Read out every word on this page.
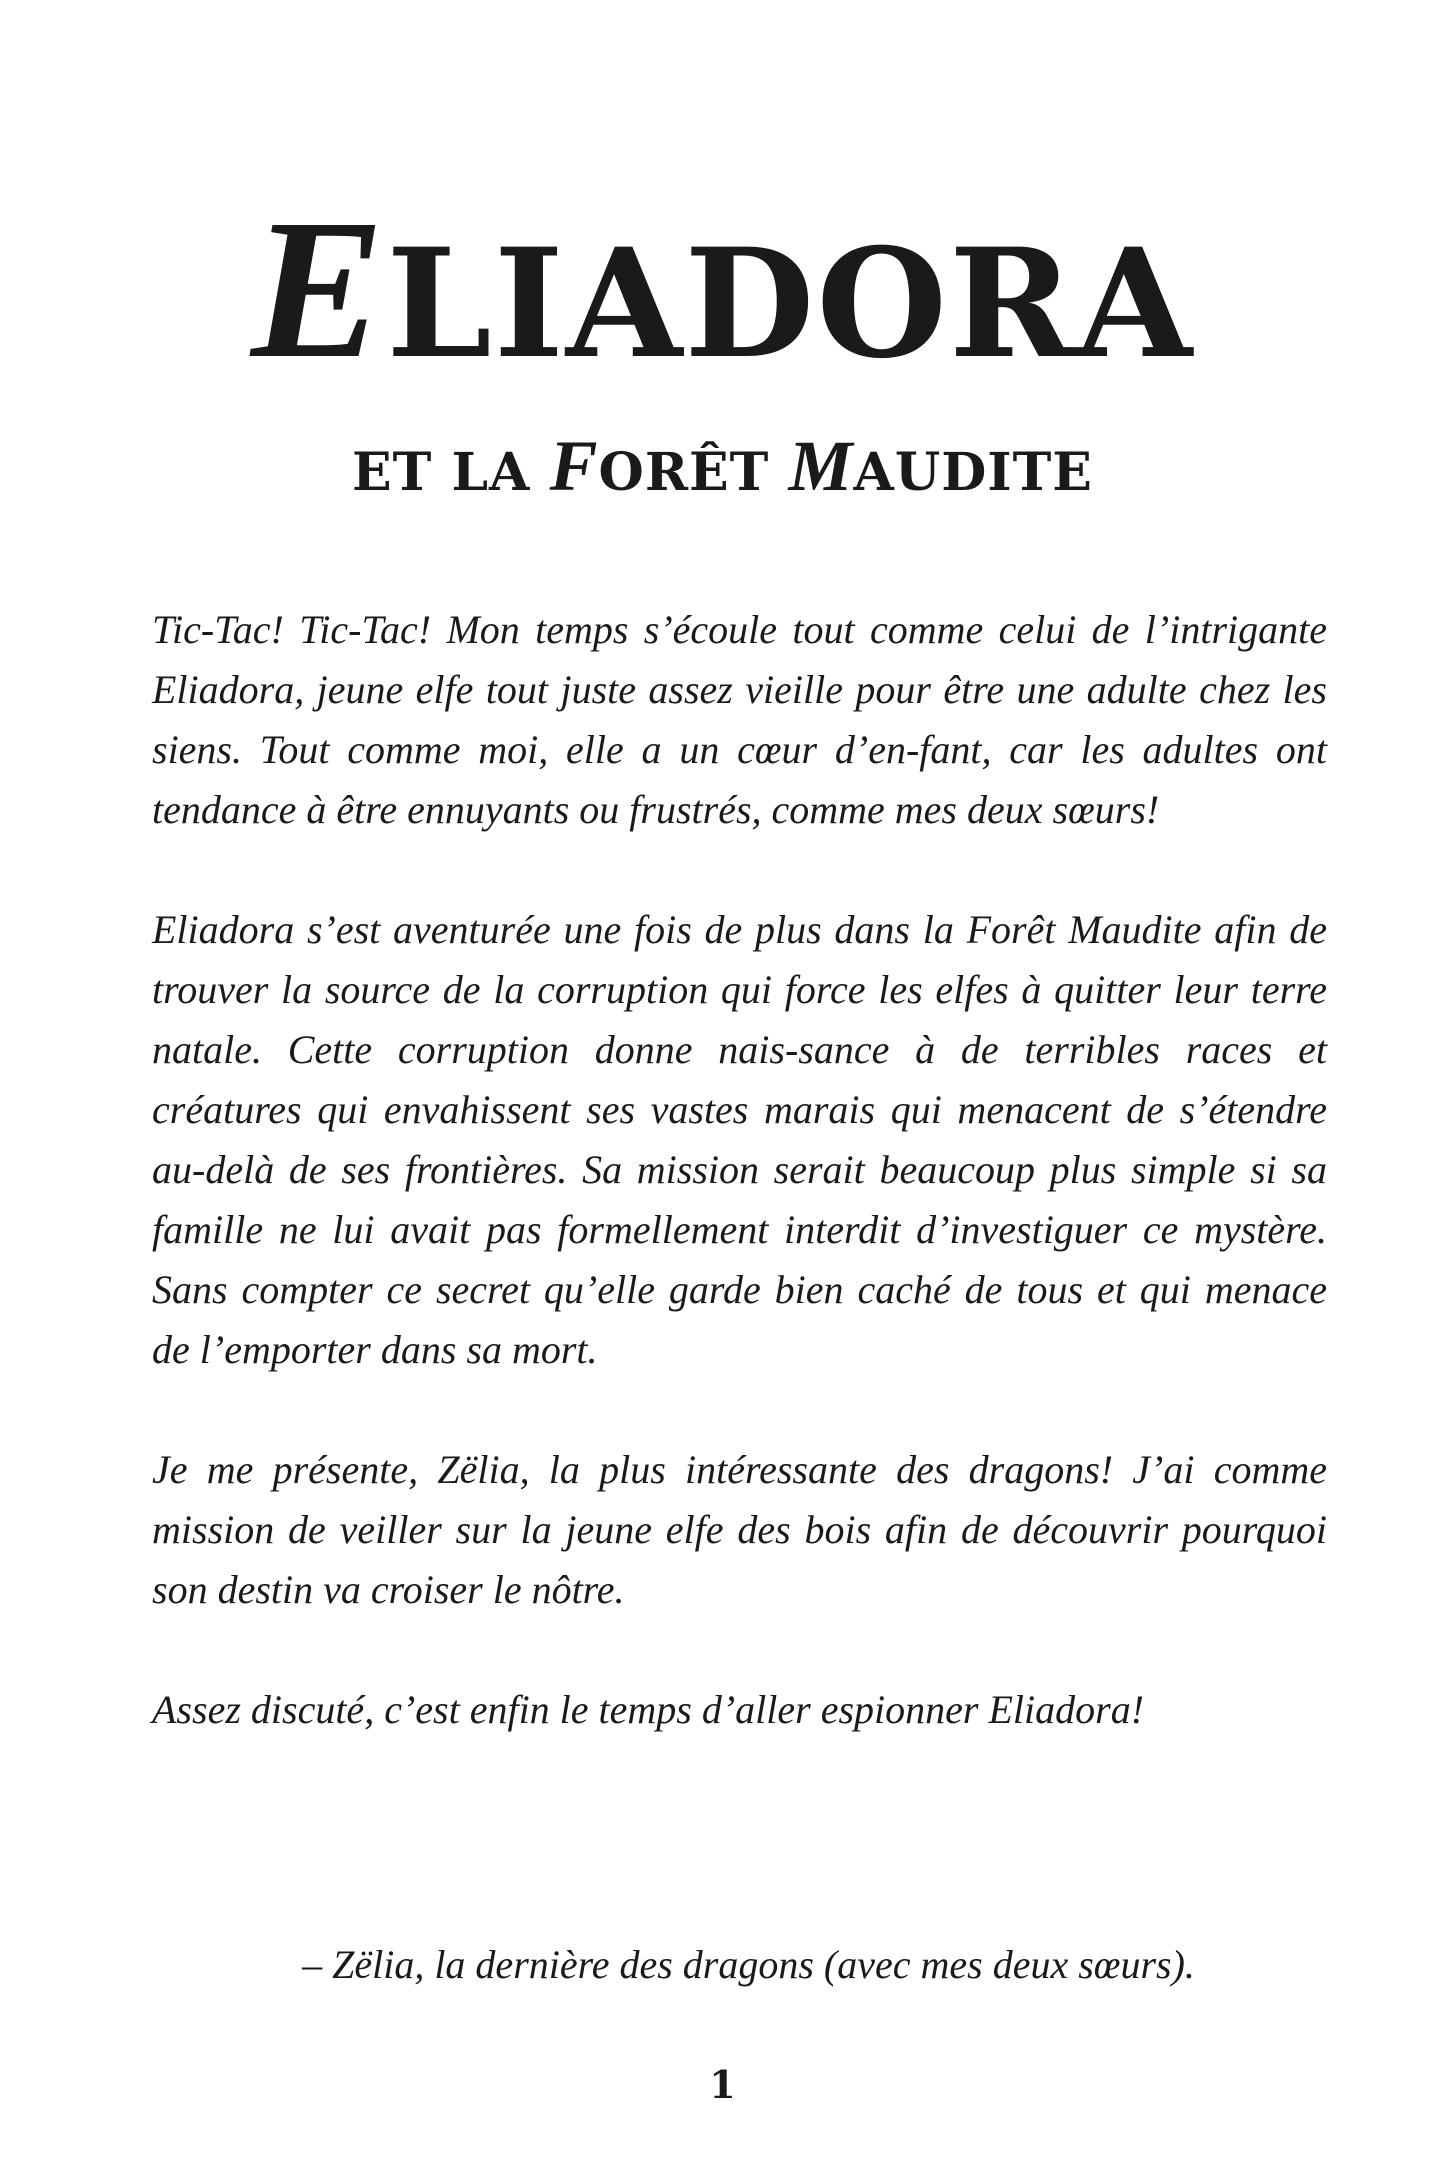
ELIADORA
ET LA FORÊT MAUDITE

Tic-Tac! Tic-Tac! Mon temps s’écoule tout comme celui de l’intrigante Eliadora, jeune elfe tout juste assez vieille pour être une adulte chez les siens. Tout comme moi, elle a un cœur d’en-fant, car les adultes ont tendance à être ennuyants ou frustrés, comme mes deux sœurs!

Eliadora s’est aventurée une fois de plus dans la Forêt Maudite afin de trouver la source de la corruption qui force les elfes à quitter leur terre natale. Cette corruption donne nais-sance à de terribles races et créatures qui envahissent ses vastes marais qui menacent de s’étendre au-delà de ses frontières. Sa mission serait beaucoup plus simple si sa famille ne lui avait pas formellement interdit d’investiguer ce mystère. Sans compter ce secret qu’elle garde bien caché de tous et qui menace de l’emporter dans sa mort.

Je me présente, Zëlia, la plus intéressante des dragons! J’ai comme mission de veiller sur la jeune elfe des bois afin de découvrir pourquoi son destin va croiser le nôtre.

Assez discuté, c’est enfin le temps d’aller espionner Eliadora!

– Zëlia, la dernière des dragons (avec mes deux sœurs).
1
